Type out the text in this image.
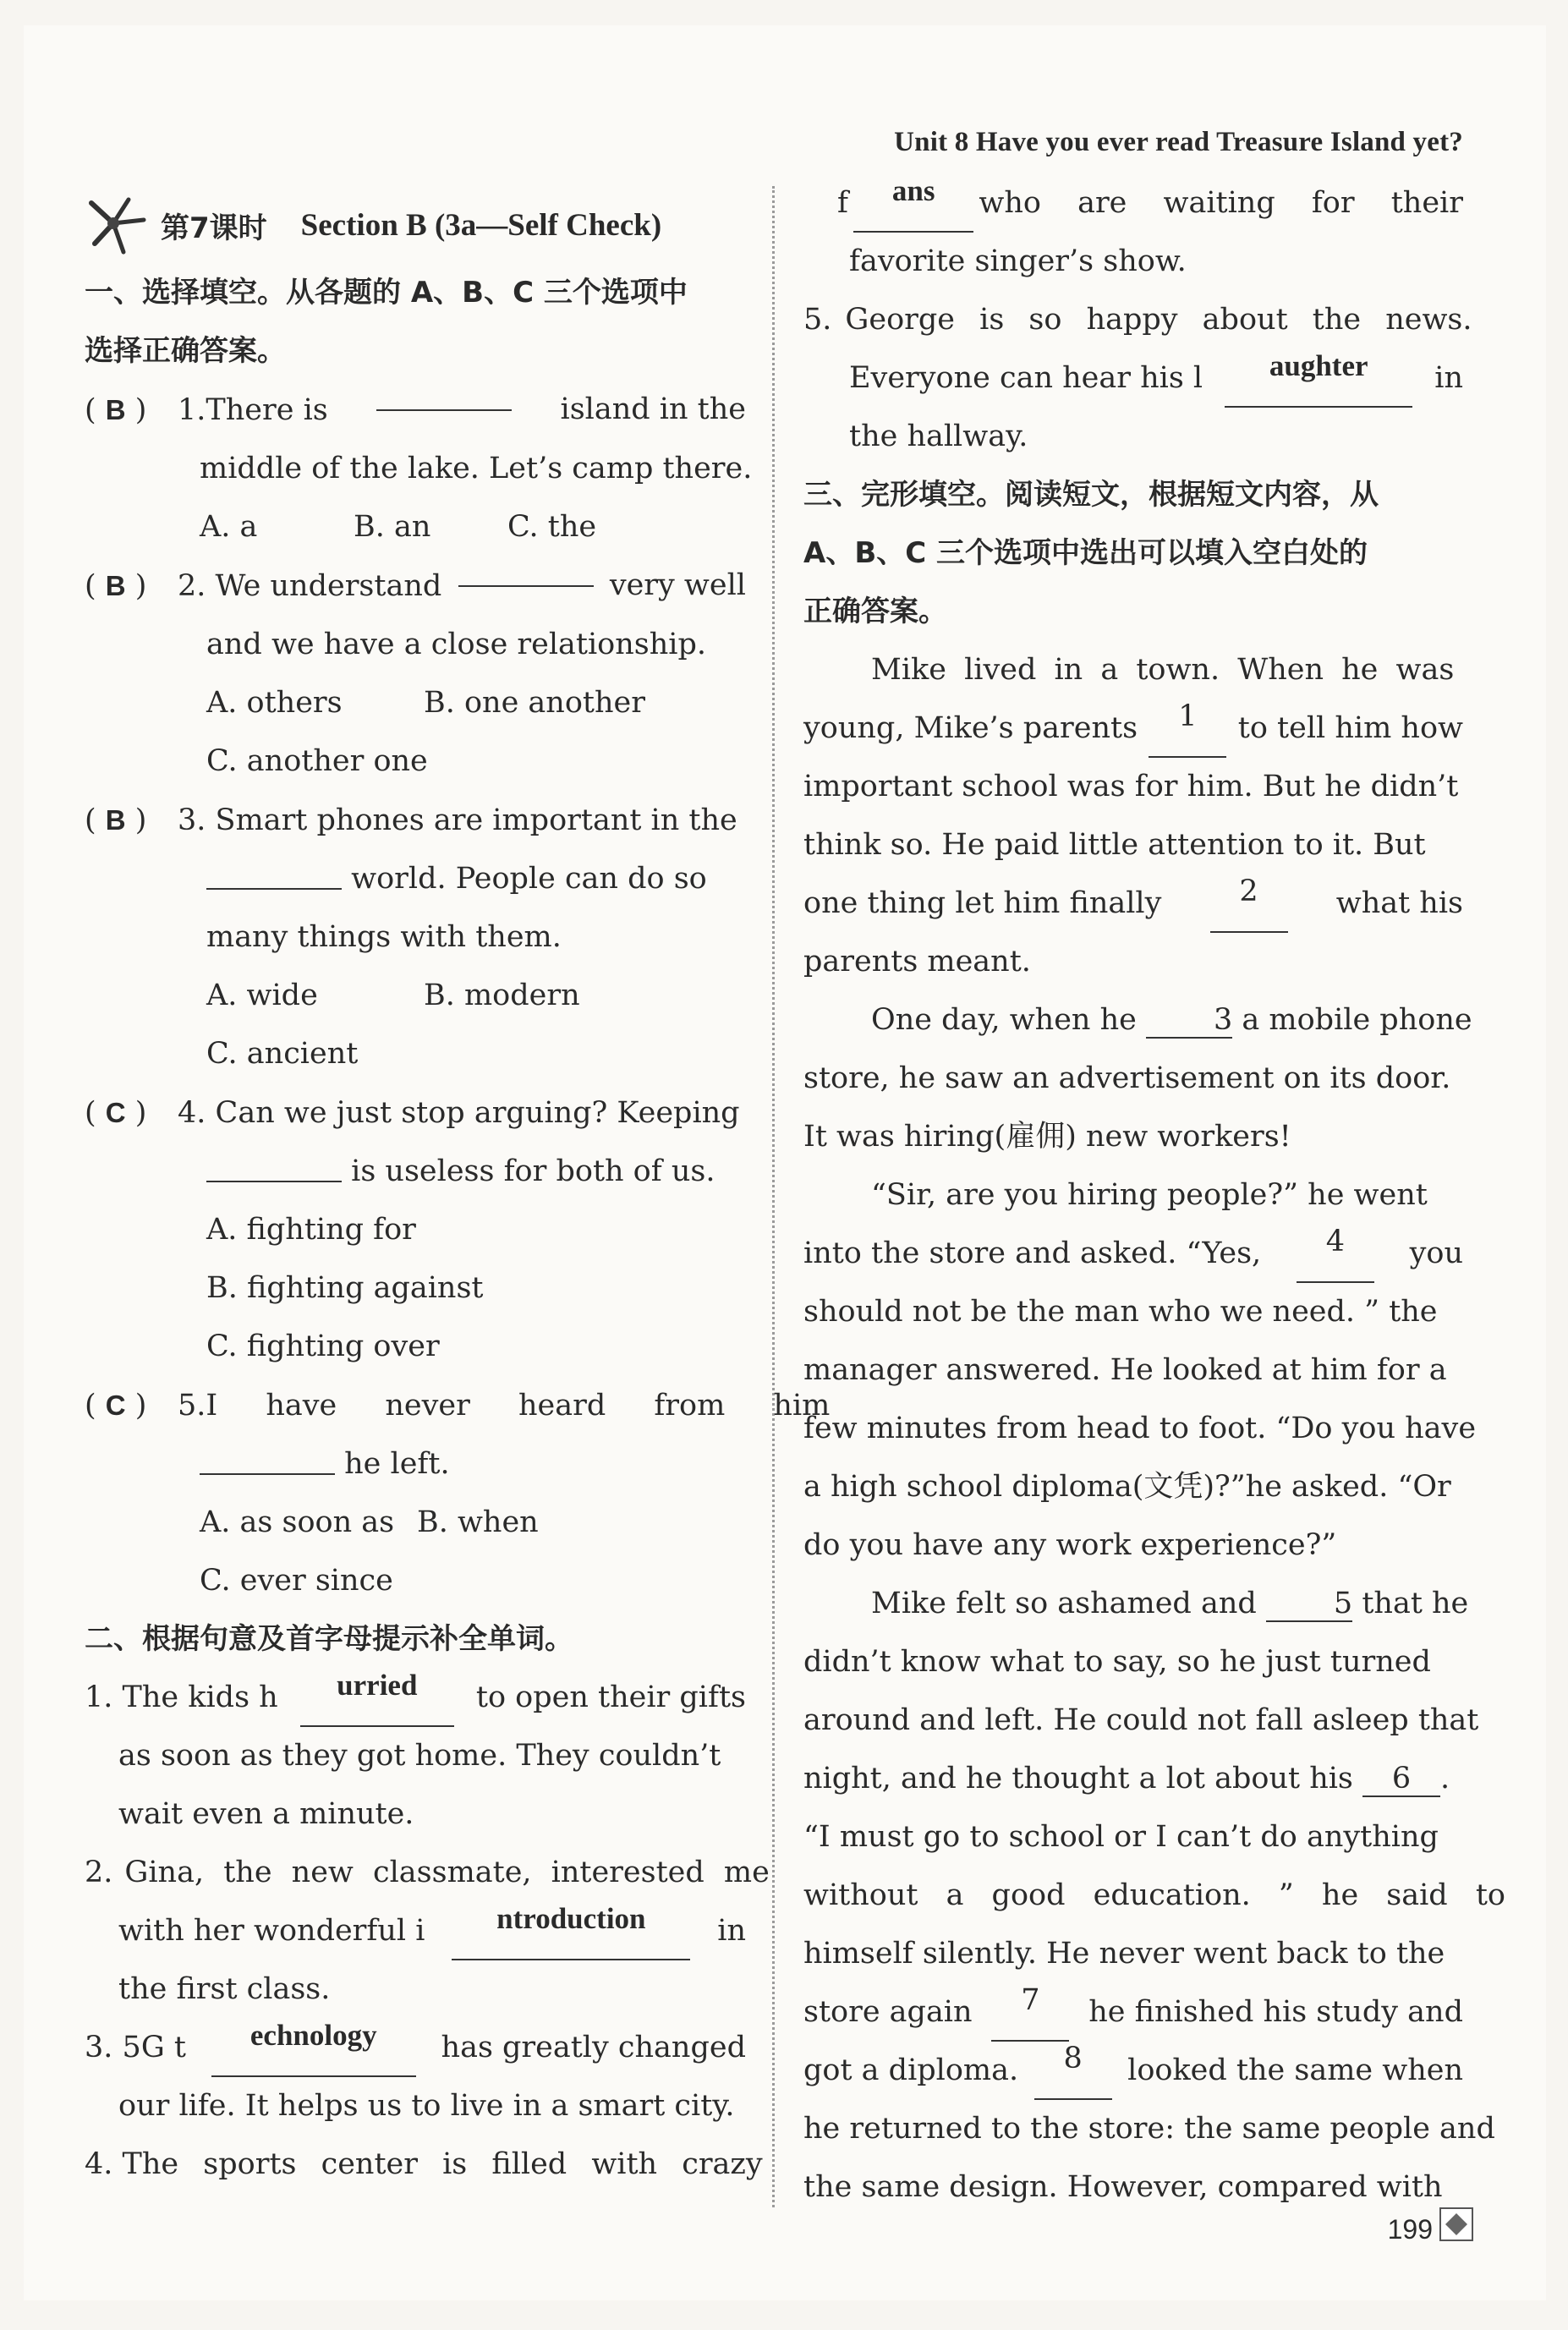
Unit 8 Have you ever read Treasure Island yet?
第7课时 Section B (3a—Self Check)
一、选择填空。从各题的 A、B、C 三个选项中
选择正确答案。
( B ) 1.There is	island in the
middle of the lake. Let’s camp there.
A. a	B. an	C. the
( B ) 2. We understand	very well
and we have a close relationship.
A. others	B. one another
C. another one
( B ) 3. Smart phones are important in the
world. People can do so
many things with them.
A. wide	B. modern
C. ancient
( C ) 4. Can we just stop arguing? Keeping
is useless for both of us.
A. fighting for
B. fighting against
C. fighting over
( C ) 5.I have never heard from him
he left.
A. as soon as B. when
C. ever since
二、根据句意及首字母提示补全单词。
1. The kids h	urried	to open their gifts
as soon as they got home. They couldn’t
wait even a minute.
2. Gina, the new classmate, interested me
with her wonderful i	ntroduction	in
the first class.
3. 5G t	echnology	has greatly changed
our life. It helps us to live in a smart city.
4. The sports center is filled with crazy
f	ans	who are waiting for their
favorite singer’s show.
5. George is so happy about the news.
Everyone can hear his l	aughter	in
the hallway.
三、完形填空。阅读短文，根据短文内容，从
A、B、C 三个选项中选出可以填入空白处的
正确答案。
Mike lived in a town. When he was
young, Mike’s parents	1	to tell him how
important school was for him. But he didn’t
think so. He paid little attention to it. But
one thing let him finally	2	what his
parents meant.
One day, when he	3 a mobile phone
store, he saw an advertisement on its door.
It was hiring(雇佣) new workers!
“Sir, are you hiring people?” he went
into the store and asked. “Yes,	4	you
should not be the man who we need. ” the
manager answered. He looked at him for a
few minutes from head to foot. “Do you have
a high school diploma(文凭)?”he asked. “Or
do you have any work experience?”
Mike felt so ashamed and	5 that he
didn’t know what to say, so he just turned
around and left. He could not fall asleep that
night, and he thought a lot about his 6 .
“I must go to school or I can’t do anything
without a good education. ” he said to
himself silently. He never went back to the
store again	7	he finished his study and
got a diploma.	8	looked the same when
he returned to the store: the same people and
the same design. However, compared with
199
